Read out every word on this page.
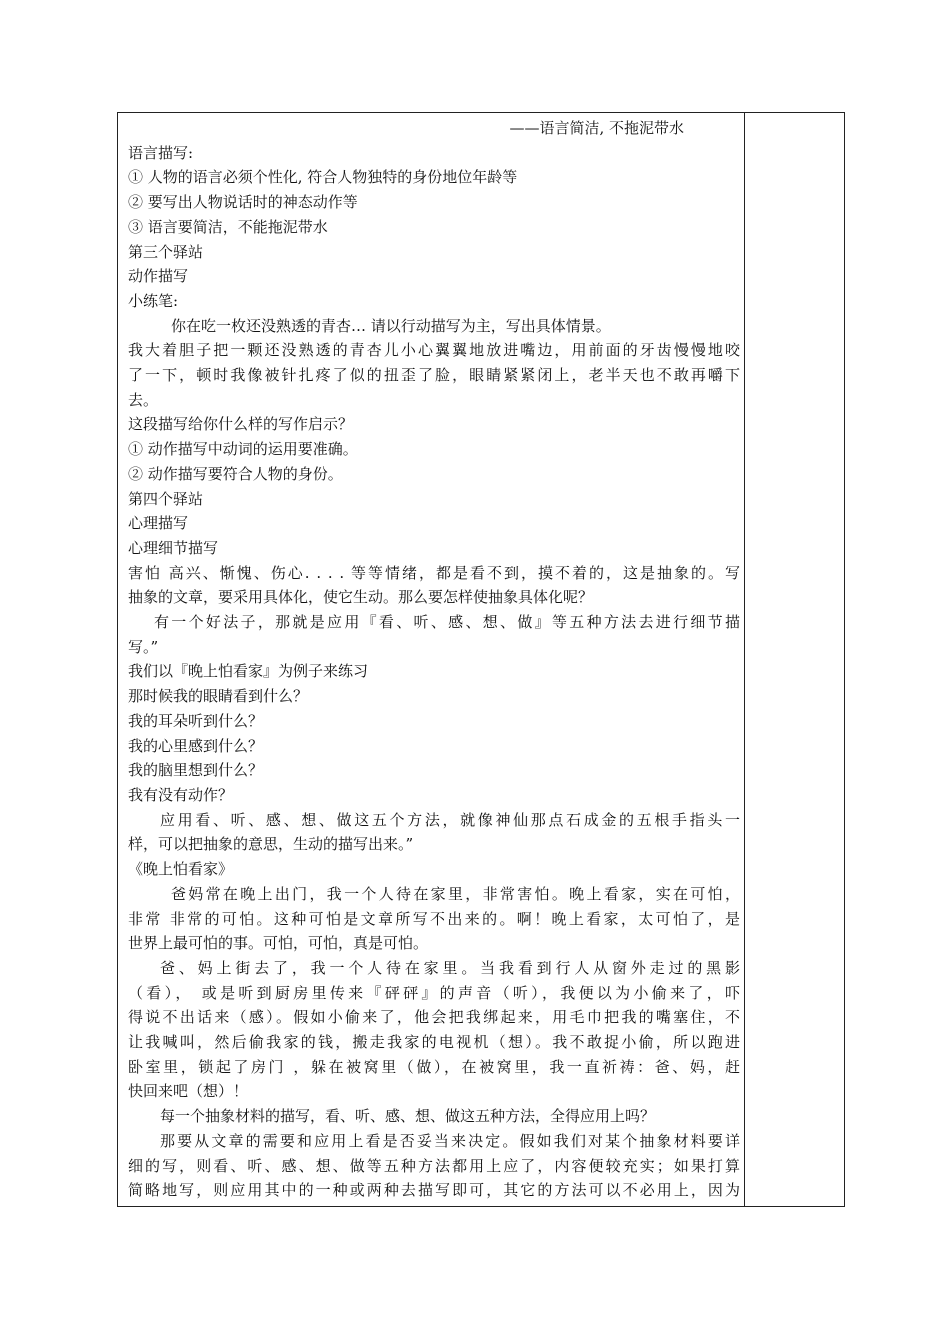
——语言简洁, 不拖泥带水
语言描写:
① 人物的语言必须个性化, 符合人物独特的身份地位年龄等
② 要写出人物说话时的神态动作等
③ 语言要简洁，不能拖泥带水
第三个驿站
动作描写
小练笔:
你在吃一枚还没熟透的青杏… 请以行动描写为主，写出具体情景。
我大着胆子把一颗还没熟透的青杏儿小心翼翼地放进嘴边，用前面的牙齿慢慢地咬
了一下，顿时我像被针扎疼了似的扭歪了脸，眼睛紧紧闭上，老半天也不敢再嚼下
去。
这段描写给你什么样的写作启示？
① 动作描写中动词的运用要准确。
② 动作描写要符合人物的身份。
第四个驿站
心理描写
心理细节描写
害怕 高兴、惭愧、伤心. . . . 等等情绪，都是看不到，摸不着的，这是抽象的。写
抽象的文章，要采用具体化，使它生动。那么要怎样使抽象具体化呢？
有一个好法子，那就是应用『看、听、感、想、做』等五种方法去进行细节描
写。”
我们以『晚上怕看家』为例子来练习
那时候我的眼睛看到什么？
我的耳朵听到什么？
我的心里感到什么？
我的脑里想到什么？
我有没有动作？
应用看、听、感、想、做这五个方法，就像神仙那点石成金的五根手指头一
样，可以把抽象的意思，生动的描写出来。”
《晚上怕看家》
爸妈常在晚上出门，我一个人待在家里，非常害怕。晚上看家，实在可怕，
非常 非常的可怕。这种可怕是文章所写不出来的。啊！晚上看家，太可怕了，是
世界上最可怕的事。可怕，可怕，真是可怕。
爸、妈上街去了，我一个人待在家里。当我看到行人从窗外走过的黑影
（看）， 或是听到厨房里传来『砰砰』的声音（听），我便以为小偷来了，吓
得说不出话来（感）。假如小偷来了，他会把我绑起来，用毛巾把我的嘴塞住，不
让我喊叫，然后偷我家的钱，搬走我家的电视机（想）。我不敢捉小偷，所以跑进
卧室里，锁起了房门 ，躲在被窝里（做），在被窝里，我一直祈祷：爸、妈，赶
快回来吧（想）！
每一个抽象材料的描写，看、听、感、想、做这五种方法，全得应用上吗？
那要从文章的需要和应用上看是否妥当来决定。假如我们对某个抽象材料要详
细的写，则看、听、感、想、做等五种方法都用上应了，内容便较充实；如果打算
简略地写，则应用其中的一种或两种去描写即可，其它的方法可以不必用上，因为
